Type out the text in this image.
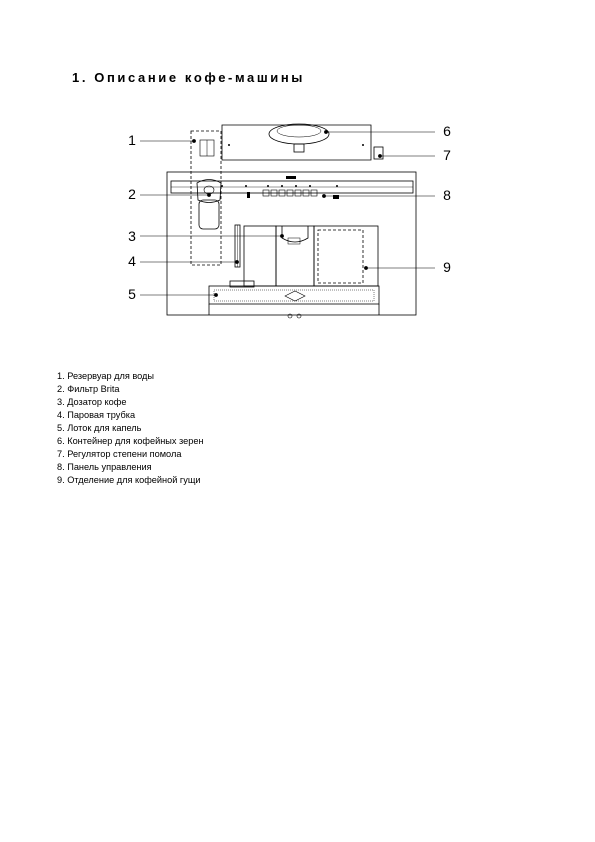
1. Описание кофе-машины
1
2
3
4
5
6
7
8
9
1. Резервуар для воды
2. Фильтр Brita
3. Дозатор кофе
4. Паровая трубка
5. Лоток для капель
6. Контейнер для кофейных зерен
7. Регулятор степени помола
8. Панель управления
9. Отделение для кофейной гущи
